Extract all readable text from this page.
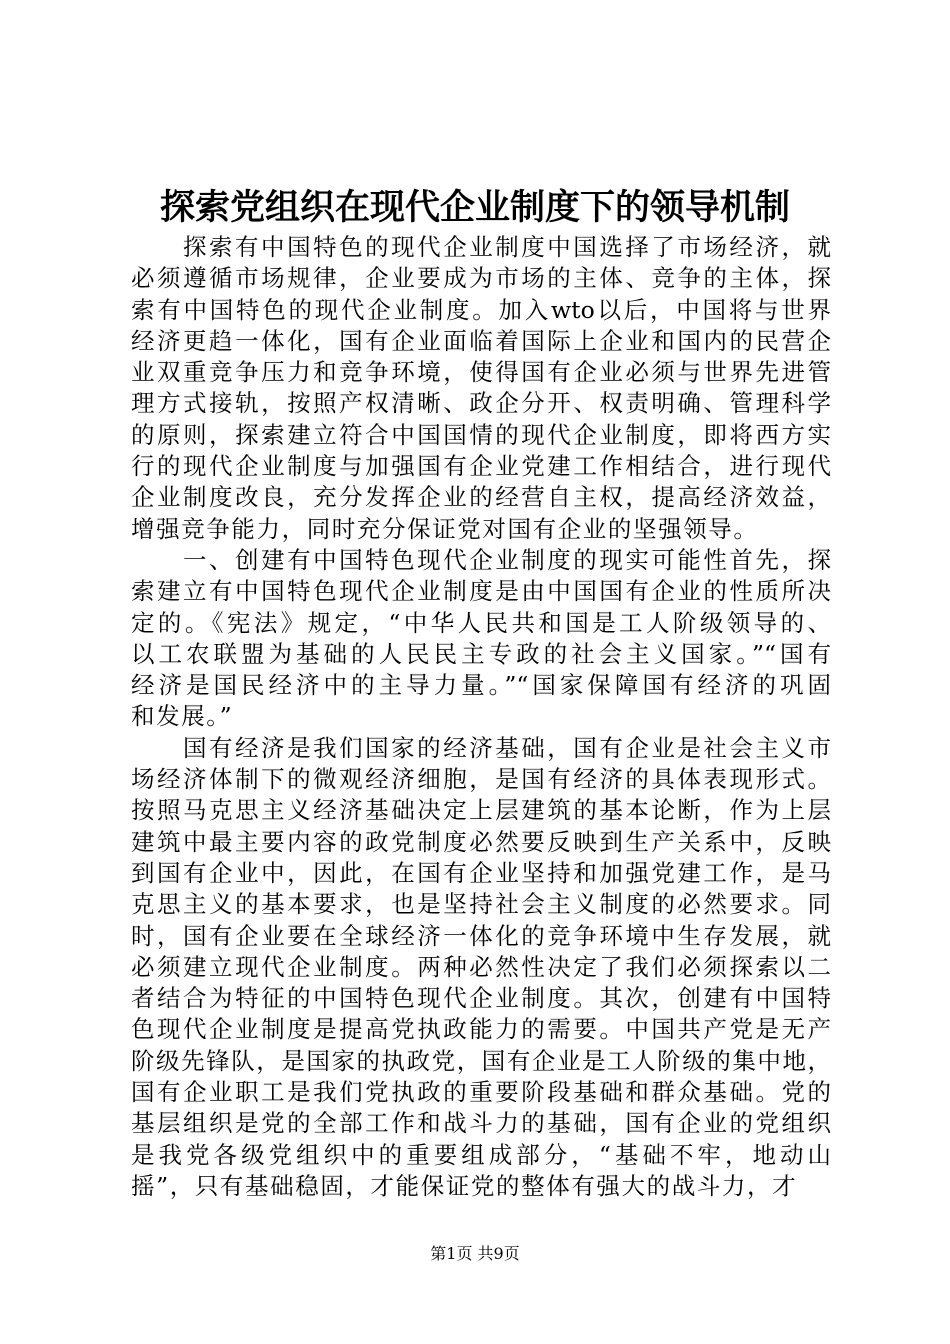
探索党组织在现代企业制度下的领导机制
探索有中国特色的现代企业制度中国选择了市场经济，就
必须遵循市场规律，企业要成为市场的主体、竞争的主体，探
索有中国特色的现代企业制度。加入wto以后，中国将与世界
经济更趋一体化，国有企业面临着国际上企业和国内的民营企
业双重竞争压力和竞争环境，使得国有企业必须与世界先进管
理方式接轨，按照产权清晰、政企分开、权责明确、管理科学
的原则，探索建立符合中国国情的现代企业制度，即将西方实
行的现代企业制度与加强国有企业党建工作相结合，进行现代
企业制度改良，充分发挥企业的经营自主权，提高经济效益，
增强竞争能力，同时充分保证党对国有企业的坚强领导。
一、创建有中国特色现代企业制度的现实可能性首先，探
索建立有中国特色现代企业制度是由中国国有企业的性质所决
定的。《宪法》规定，“中华人民共和国是工人阶级领导的、
以工农联盟为基础的人民民主专政的社会主义国家。”“国有
经济是国民经济中的主导力量。”“国家保障国有经济的巩固
和发展。”
国有经济是我们国家的经济基础，国有企业是社会主义市
场经济体制下的微观经济细胞，是国有经济的具体表现形式。
按照马克思主义经济基础决定上层建筑的基本论断，作为上层
建筑中最主要内容的政党制度必然要反映到生产关系中，反映
到国有企业中，因此，在国有企业坚持和加强党建工作，是马
克思主义的基本要求，也是坚持社会主义制度的必然要求。同
时，国有企业要在全球经济一体化的竞争环境中生存发展，就
必须建立现代企业制度。两种必然性决定了我们必须探索以二
者结合为特征的中国特色现代企业制度。其次，创建有中国特
色现代企业制度是提高党执政能力的需要。中国共产党是无产
阶级先锋队，是国家的执政党，国有企业是工人阶级的集中地，
国有企业职工是我们党执政的重要阶段基础和群众基础。党的
基层组织是党的全部工作和战斗力的基础，国有企业的党组织
是我党各级党组织中的重要组成部分，“基础不牢，地动山
摇”，只有基础稳固，才能保证党的整体有强大的战斗力，才
第1页 共9页
